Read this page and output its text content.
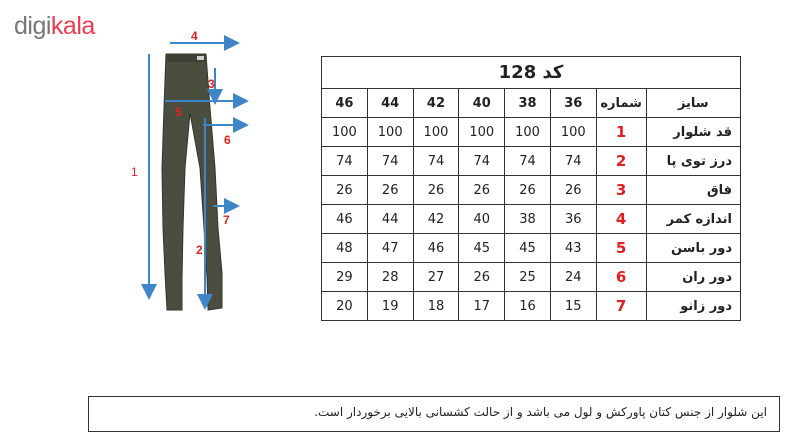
digikala	4
3
5
6
1
2
7
کد 128							
سایز	شماره	36	38	40	42	44	46
قد شلوار	1	100	100	100	100	100	100
درز توی پا	2	74	74	74	74	74	74
فاق	3	26	26	26	26	26	26
اندازه کمر	4	36	38	40	42	44	46
دور باسن	5	43	45	45	46	47	48
دور ران	6	24	25	26	27	28	29
دور زانو	7	15	16	17	18	19	20
این شلوار از جنس کتان پاورکش و لول می باشد و از حالت کشسانی بالایی برخوردار است.
